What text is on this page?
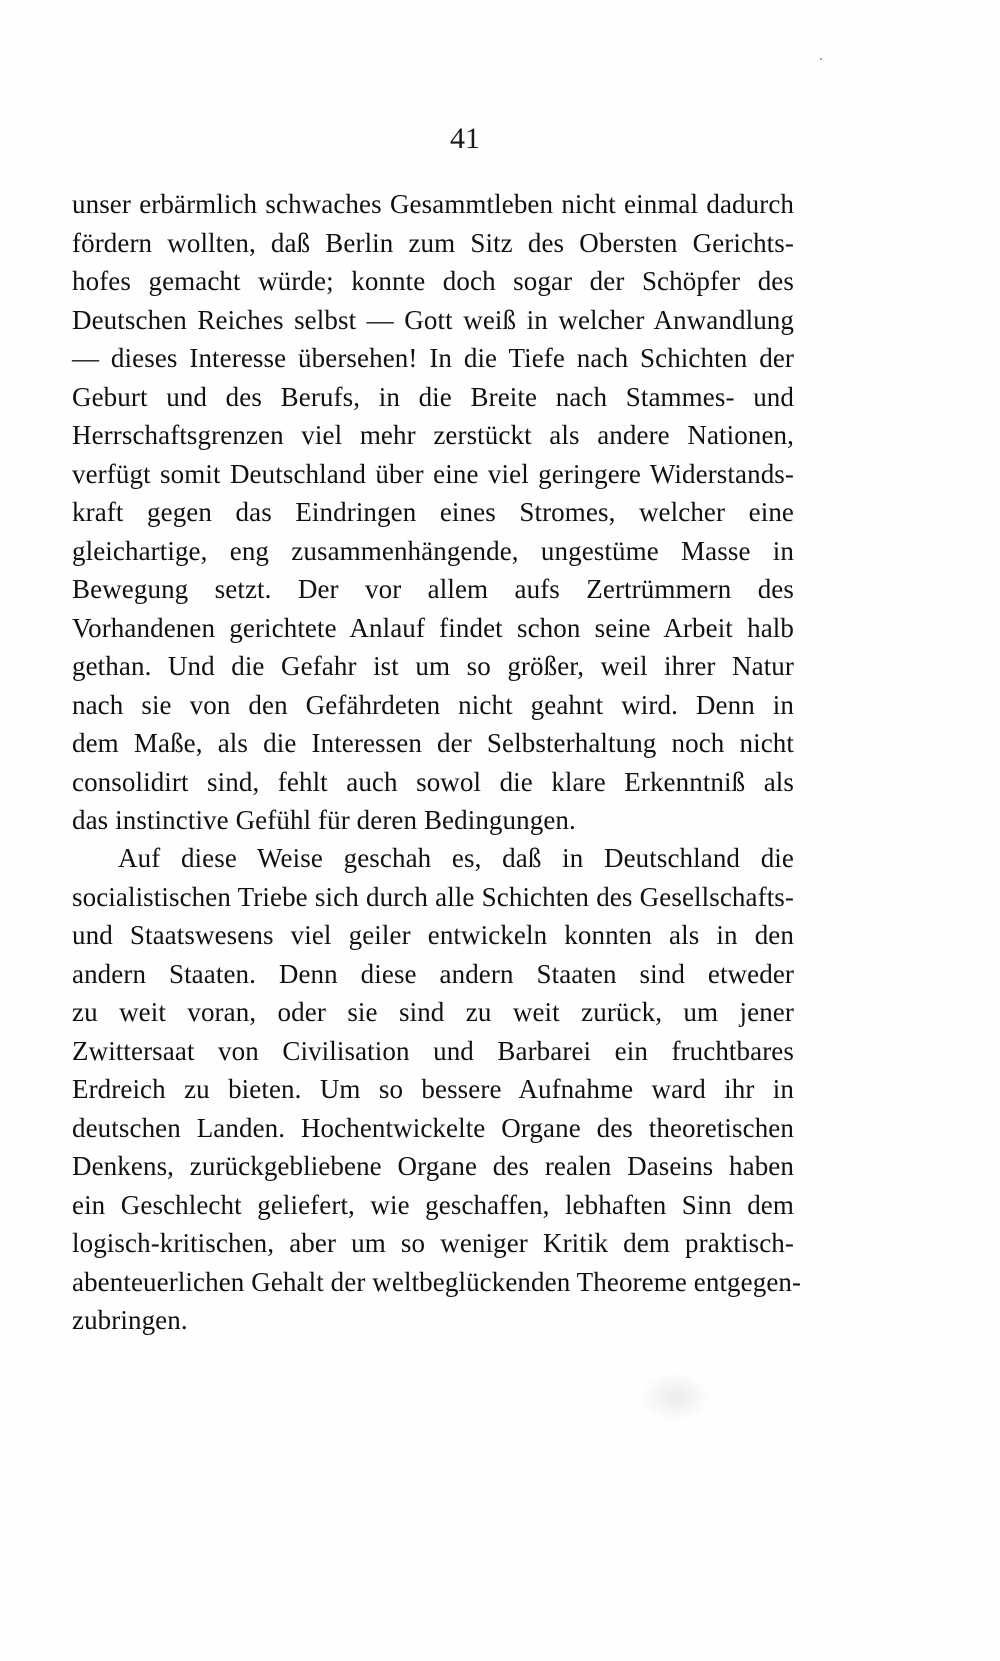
41
unser erbärmlich schwaches Gesammtleben nicht einmal dadurch
fördern wollten, daß Berlin zum Sitz des Obersten Gerichts-
hofes gemacht würde; konnte doch sogar der Schöpfer des
Deutschen Reiches selbst — Gott weiß in welcher Anwandlung
— dieses Interesse übersehen! In die Tiefe nach Schichten der
Geburt und des Berufs, in die Breite nach Stammes- und
Herrschaftsgrenzen viel mehr zerstückt als andere Nationen,
verfügt somit Deutschland über eine viel geringere Widerstands-
kraft gegen das Eindringen eines Stromes, welcher eine
gleichartige, eng zusammenhängende, ungestüme Masse in
Bewegung setzt. Der vor allem aufs Zertrümmern des
Vorhandenen gerichtete Anlauf findet schon seine Arbeit halb
gethan. Und die Gefahr ist um so größer, weil ihrer Natur
nach sie von den Gefährdeten nicht geahnt wird. Denn in
dem Maße, als die Interessen der Selbsterhaltung noch nicht
consolidirt sind, fehlt auch sowol die klare Erkenntniß als
das instinctive Gefühl für deren Bedingungen.
Auf diese Weise geschah es, daß in Deutschland die
socialistischen Triebe sich durch alle Schichten des Gesellschafts-
und Staatswesens viel geiler entwickeln konnten als in den
andern Staaten. Denn diese andern Staaten sind etweder
zu weit voran, oder sie sind zu weit zurück, um jener
Zwittersaat von Civilisation und Barbarei ein fruchtbares
Erdreich zu bieten. Um so bessere Aufnahme ward ihr in
deutschen Landen. Hochentwickelte Organe des theoretischen
Denkens, zurückgebliebene Organe des realen Daseins haben
ein Geschlecht geliefert, wie geschaffen, lebhaften Sinn dem
logisch-kritischen, aber um so weniger Kritik dem praktisch-
abenteuerlichen Gehalt der weltbeglückenden Theoreme entgegen-
zubringen.
